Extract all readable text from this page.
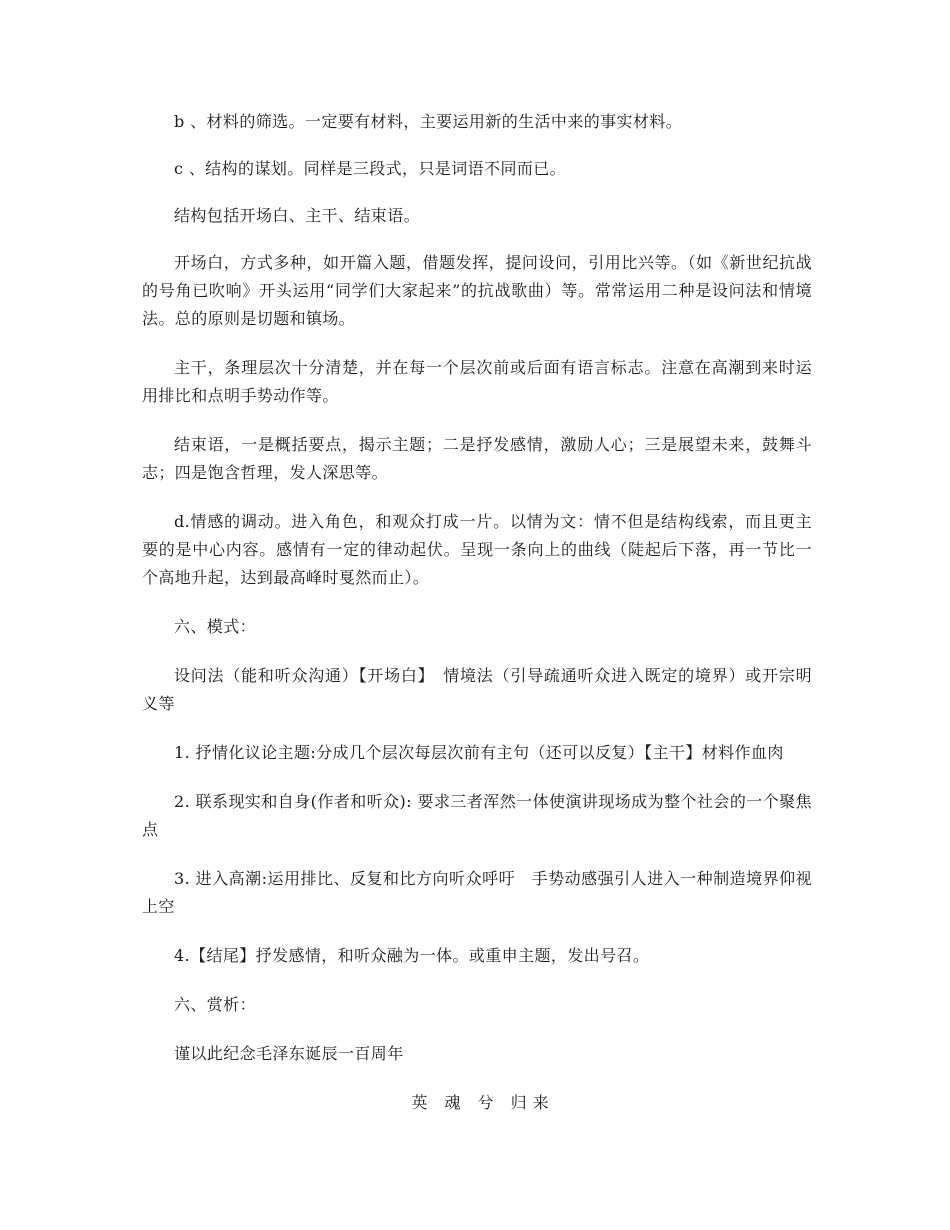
b 、材料的筛选。一定要有材料，主要运用新的生活中来的事实材料。

c 、结构的谋划。同样是三段式，只是词语不同而已。

结构包括开场白、主干、结束语。

开场白，方式多种，如开篇入题，借题发挥，提问设问，引用比兴等。（如《新世纪抗战的号角已吹响》开头运用“同学们大家起来”的抗战歌曲）等。常常运用二种是设问法和情境法。总的原则是切题和镇场。

主干，条理层次十分清楚，并在每一个层次前或后面有语言标志。注意在高潮到来时运用排比和点明手势动作等。

结束语，一是概括要点，揭示主题；二是抒发感情，激励人心；三是展望未来，鼓舞斗志；四是饱含哲理，发人深思等。

d.情感的调动。进入角色，和观众打成一片。以情为文：情不但是结构线索，而且更主要的是中心内容。感情有一定的律动起伏。呈现一条向上的曲线（陡起后下落，再一节比一个高地升起，达到最高峰时戛然而止）。

六、模式：

设问法（能和听众沟通）【开场白】　情境法（引导疏通听众进入既定的境界）或开宗明义等

1. 抒情化议论主题:分成几个层次每层次前有主句（还可以反复）【主干】材料作血肉

2. 联系现实和自身(作者和听众): 要求三者浑然一体使演讲现场成为整个社会的一个聚焦点

3. 进入高潮:运用排比、反复和比方向听众呼吁　手势动感强引人进入一种制造境界仰视上空

4.【结尾】抒发感情，和听众融为一体。或重申主题，发出号召。

六、赏析：

谨以此纪念毛泽东诞辰一百周年

英 魂 兮 归来
